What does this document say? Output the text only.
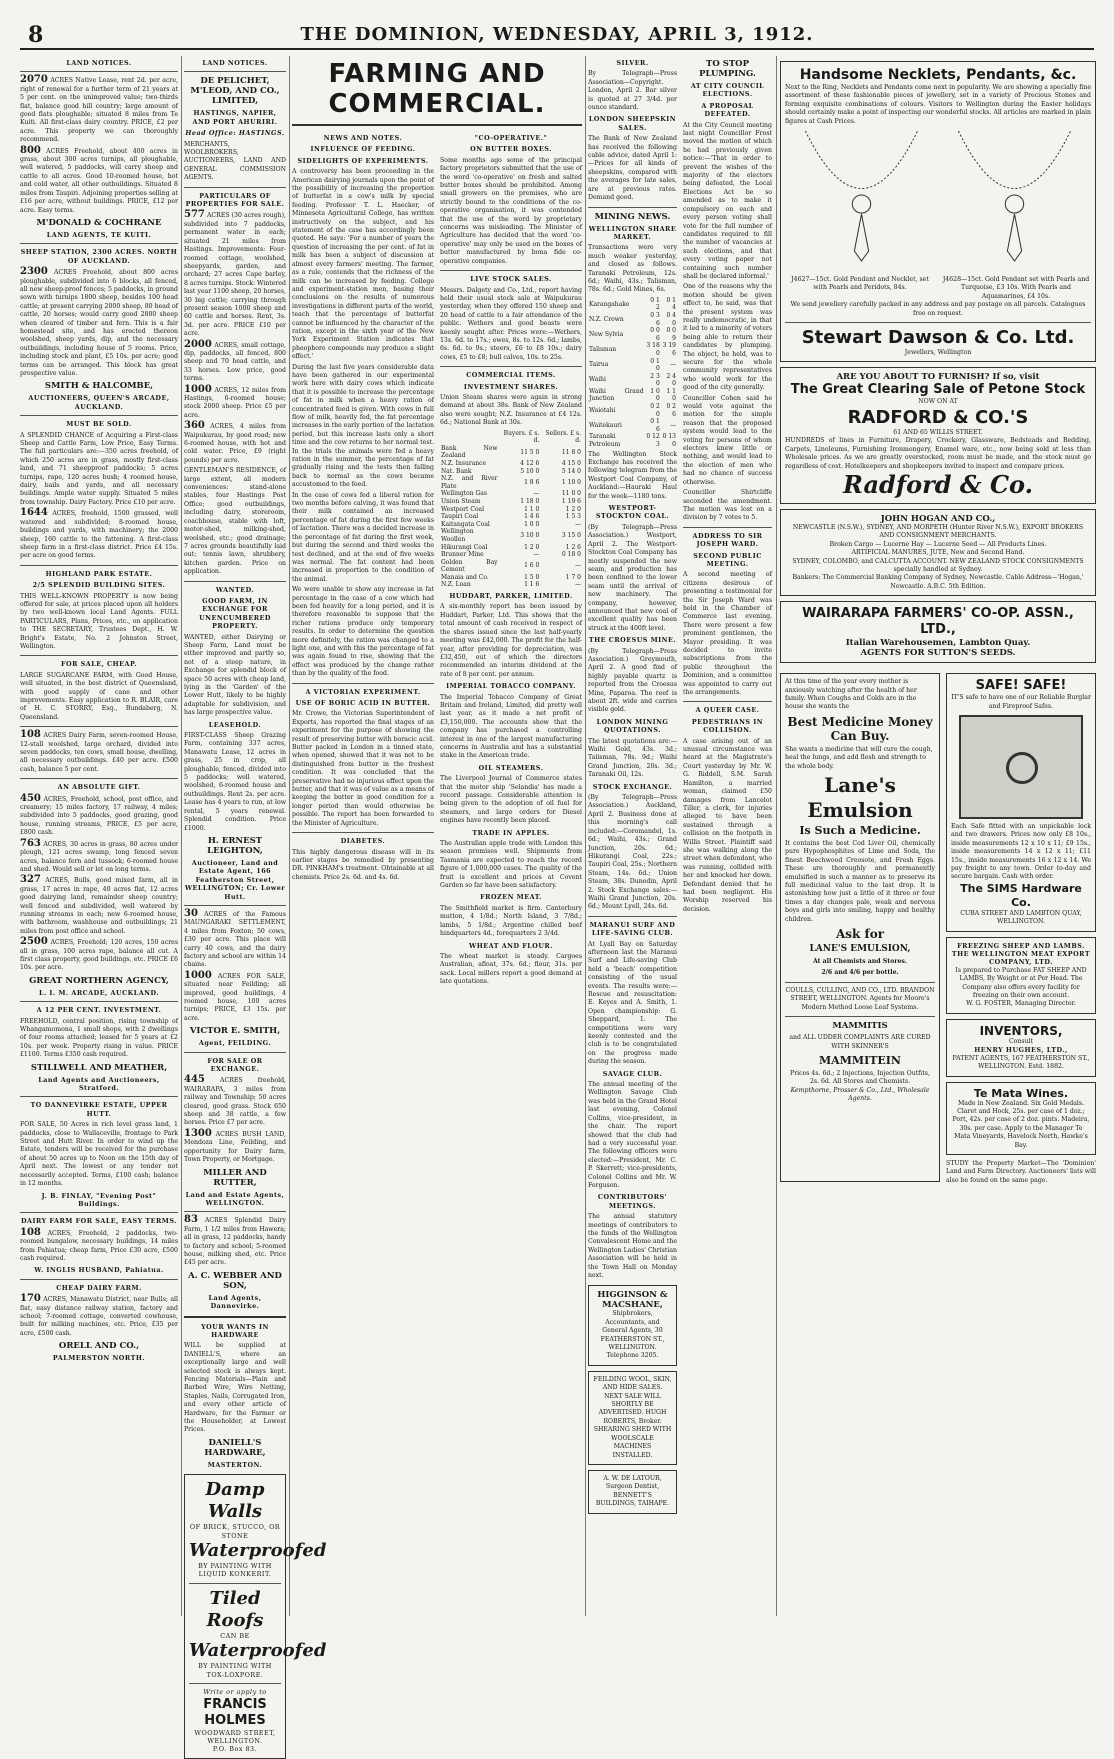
8	THE DOMINION, WEDNESDAY, APRIL 3, 1912.
LAND NOTICES.
2070 ACRES Native Lease, rent 2d. per acre, right of renewal for a further term of 21 years at 5 per cent. on the unimproved value; two-thirds flat, balance good hill country; large amount of good flats ploughable; situated 8 miles from Te Kuiti. All first-class dairy country. PRICE, £2 per acre. This property we can thoroughly recommend.
800 ACRES Freehold, about 400 acres in grass, about 300 acres turnips, all ploughable, well watered, 5 paddocks, will carry sheep and cattle to all acres. Good 10-roomed house, hot and cold water, all other outbuildings. Situated 8 miles from Taupiri. Adjoining properties selling at £16 per acre, without buildings. PRICE, £12 per acre. Easy terms.
M'DONALD & COCHRANE
LAND AGENTS, TE KUITI.
SHEEP STATION, 2300 ACRES. NORTH OF AUCKLAND.
2300 ACRES Freehold, about 800 acres ploughable, subdivided into 6 blocks, all fenced, all new sheep-proof fences; 5 paddocks, in ground sown with turnips 1800 sheep, besides 100 head cattle; at present carrying 2000 sheep, 80 head of cattle, 20 horses; would carry good 2800 sheep when cleared of timber and fern. This is a fair homestead site, and has erected thereon woolshed, sheep yards, dip, and the necessary outbuildings, including house of 5 rooms. Price, including stock and plant, £5 10s. per acre; good terms can be arranged. This block has great prospective value.
SMITH & HALCOMBE,
AUCTIONEERS, QUEEN'S ARCADE, AUCKLAND.
MUST BE SOLD.
A SPLENDID CHANCE of Acquiring a First-class Sheep and Cattle Farm, Low Price, Easy Terms. The full particulars are:—350 acres freehold, of which 250 acres are in grass, mostly first-class land, and 71 sheepproof paddocks; 5 acres turnips, rape, 120 acres bush; 4 roomed house, dairy, bails and yards, and all necessary buildings. Ample water supply. Situated 5 miles from township. Dairy Factory. Price £10 per acre.
1644 ACRES, freehold, 1500 grassed, well watered and subdivided; 8-roomed house, buildings and yards, with machinery; the 2000 sheep, 160 cattle to the fattening. A first-class sheep farm in a first-class district. Price £4 15s. per acre on good terms.
HIGHLAND PARK ESTATE.
2/5 SPLENDID BUILDING SITES.
THIS WELL-KNOWN PROPERTY is now being offered for sale, at prices placed upon all holders by two well-known local Land Agents. FULL PARTICULARS, Plans, Prices, etc., on application to THE SECRETARY, Trustees Dept., H. W. Bright's Estate, No. 2 Johnston Street, Wellington.
FOR SALE, CHEAP.
LARGE SUGARCANE FARM, with Good House, well situated, in the best district of Queensland, with good supply of cane and other improvements. Easy application to R. BLAIR, care of H. C. STORRY, Esq., Bundaberg, N. Queensland.
108 ACRES Dairy Farm, seven-roomed House, 12-stall woolshed, large orchard, divided into seven paddocks, ten cows, small house, dwelling, all necessary outbuildings. £40 per acre. £500 cash, balance 5 per cent.
AN ABSOLUTE GIFT.
450 ACRES, Freehold, school, post office, and creamery; 15 miles factory, 17 railway, 4 miles; subdivided into 5 paddocks, good grazing, good house, running streams, PRICE, £5 per acre, £800 cash.
763 ACRES, 30 acres in grass, 80 acres under plough, 121 acres swamp, long fenced seven acres, balance fern and tussock; 6-roomed house and shed. Would sell or let on long terms.
327 ACRES, Bulls, good mixed farm, all in grass, 17 acres in rape, 40 acres flat, 12 acres good dairying land, remainder sheep country; well fenced and subdivided, well watered by running streams in each; new 6-roomed house, with bathroom, washhouse and outbuildings; 21 miles from post office and school.
2500 ACRES, Freehold; 120 acres, 150 acres all in grass, 100 acres rape, balance all cut. A first class property, good buildings, etc. PRICE £6 10s. per acre.
GREAT NORTHERN AGENCY,
L. I. M. ARCADE, AUCKLAND.
A 12 PER CENT. INVESTMENT.
FREEHOLD, central position, rising township of Whangamomona, 1 small shops, with 2 dwellings of four rooms attached; leased for 5 years at £2 10s. per week. Property rising in value. PRICE £1100. Terms £350 cash required.
STILLWELL AND MEATHER,
Land Agents and Auctioneers, Stratford.
TO DANNEVIRKE ESTATE, UPPER HUTT.
FOR SALE, 50 Acres in rich level grass land, 1 paddocks, close to Wallaceville, frontage to Park Street and Hutt River. In order to wind up the Estate, tenders will be received for the purchase of about 50 acres up to Noon on the 15th day of April next. The lowest or any tender not necessarily accepted. Terms, £100 cash; balance in 12 months.
J. B. FINLAY, "Evening Post" Buildings.
DAIRY FARM FOR SALE, EASY TERMS.
108 ACRES, Freehold, 2 paddocks, two-roomed bungalow, necessary buildings, 14 miles from Pahiatua; cheap farm, Price £30 acre, £500 cash required.
W. INGLIS HUSBAND, Pahiatua.
CHEAP DAIRY FARM.
170 ACRES, Manawatu District, near Bulls; all flat, easy distance railway station, factory and school; 7-roomed cottage, converted cowhouse, built for milking machines, etc. Price, £35 per acre, £500 cash.
ORELL AND CO.,
PALMERSTON NORTH.
LAND NOTICES.
DE PELICHET, M'LEOD, AND CO., LIMITED,
HASTINGS, NAPIER, AND PORT AHURIRI.
Head Office: HASTINGS.
MERCHANTS, WOOLBROKERS, AUCTIONEERS, LAND AND GENERAL COMMISSION AGENTS.
PARTICULARS OF PROPERTIES FOR SALE.
577 ACRES (30 acres rough), subdivided into 7 paddocks, permanent water in each; situated 21 miles from Hastings. Improvements: Four-roomed cottage, woolshed, sheepyards, garden, and orchard; 27 acres Cape barley, 8 acres turnips. Stock: Wintered last year 1100 sheep, 20 horses, 30 big cattle; carrying through present season 1000 sheep and 60 cattle and horses. Rent, 3s. 3d. per acre. PRICE £10 per acre.
2000 ACRES, small cottage, dip, paddocks, all fenced, 800 sheep and 70 head cattle, and 33 horses. Low price, good terms.
1000 ACRES, 12 miles from Hastings, 6-roomed house; stock 2000 sheep. Price £5 per acre.
360 ACRES, 4 miles from Waipukurau, by good road; new 6-roomed house, with hot and cold water. Price, £9 (right pounds) per acre.
GENTLEMAN'S RESIDENCE, of large extent, all modern conveniences: stand-alone stables, four Hastings Post Office; good outbuildings, including dairy, storeroom, coachhouse, stable with loft, motor-shed, milking-shed, woolshed, etc.; good drainage; 7 acres grounds beautifully laid out; tennis lawn, shrubbery, kitchen garden. Price on application.
WANTED.
GOOD FARM, IN EXCHANGE FOR UNENCUMBERED PROPERTY.
WANTED, either Dairying or Sheep Farm, Land must be either improved and partly so, not of a steep nature, in Exchange for splendid block of space 50 acres with cheap land, lying in the 'Garden' of the Lower Hutt, likely to be highly adaptable for subdivision, and has large prospective value.
LEASEHOLD.
FIRST-CLASS Sheep Grazing Farm, containing 337 acres, Manawatu Lease, 12 acres in grass, 25 in crop, all ploughable, fenced, divided into 5 paddocks; well watered, woolshed, 6-roomed house and outbuildings. Rent 2s. per acre. Lease has 4 years to run, at low rental, 5 years renewal. Splendid condition. Price £1000.
H. ERNEST LEIGHTON,
Auctioneer, Land and Estate Agent, 166 Featherston Street, WELLINGTON; Cr. Lower Hutt.
30 ACRES of the Famous MAUNGARAKI SETTLEMENT, 4 miles from Foxton; 50 cows, £30 per acre. This place will carry 40 cows, and the dairy factory and school are within 14 chains.
1000 ACRES FOR SALE, situated near Feilding; all improved, good buildings, 4 roomed house, 100 acres turnips; PRICE, £3 15s. per acre.
VICTOR E. SMITH,
Agent, FEILDING.
FOR SALE OR EXCHANGE.
445 ACRES freehold, WAIRARAPA, 3 miles from railway and Township; 50 acres cleared, good grass. Stock 650 sheep and 38 cattle, a few horses. Price £7 per acre.
1300 ACRES BUSH LAND, Mendoza Line, Feilding, and opportunity for Dairy farm, Town Property, or Mortgage.
MILLER AND RUTTER,
Land and Estate Agents, WELLINGTON.
83 ACRES Splendid Dairy Farm, 1 1/2 miles from Hawera; all in grass, 12 paddocks, handy to factory and school; 5-roomed house, milking shed, etc. Price £45 per acre.
A. C. WEBBER AND SON,
Land Agents, Dannevirke.
YOUR WANTS IN HARDWARE
WILL be supplied at DANIELL'S, where an exceptionally large and well selected stock is always kept. Fencing Materials—Plain and Barbed Wire, Wire Netting, Staples, Nails, Corrugated Iron, and every other article of Hardware, for the Farmer or the Householder, at Lowest Prices.
DANIELL'S HARDWARE,
MASTERTON.
Damp Walls
OF BRICK, STUCCO, OR STONE
Waterproofed
BY PAINTING WITH LIQUID KONKERIT.
Tiled Roofs
CAN BE
Waterproofed
BY PAINTING WITH TOX-LOXPORE.
Write or apply to
FRANCIS HOLMES
WOODWARD STREET, WELLINGTON.
P.O. Box 83.
FARMING AND COMMERCIAL.
NEWS AND NOTES.
INFLUENCE OF FEEDING.
SIDELIGHTS OF EXPERIMENTS.
A controversy has been proceeding in the American dairying journals upon the point of the possibility of increasing the proportion of butterfat in a cow's milk by special feeding. Professor T. L. Haecker, of Minnesota Agricultural College, has written instructively on the subject, and his statement of the case has accordingly been quoted. He says: 'For a number of years the question of increasing the per cent. of fat in milk has been a subject of discussion at almost every farmers' meeting. The farmer, as a rule, contends that the richness of the milk can be increased by feeding. College and experiment-station men, basing their conclusions on the results of numerous investigations in different parts of the world, teach that the percentage of butterfat cannot be influenced by the character of the ration, except in the sixth year of the New York Experiment Station indicates that pheophore compounds may produce a slight effect.'
During the last five years considerable data have been gathered in our experimental work here with dairy cows which indicate that it is possible to increase the percentage of fat in milk when a heavy ration of concentrated feed is given. With cows in full flow of milk, heavily fed, the fat percentage increases in the early portion of the lactation period, but this increase lasts only a short time and the cow returns to her normal test. In the trials the animals were fed a heavy ration in the summer, the percentage of fat gradually rising and the tests then falling back to normal as the cows became accustomed to the feed.
In the case of cows fed a liberal ration for two months before calving, it was found that their milk contained an increased percentage of fat during the first few weeks of lactation. There was a decided increase in the percentage of fat during the first week, but during the second and third weeks the test declined, and at the end of five weeks was normal. The fat content had been increased in proportion to the condition of the animal.
We were unable to show any increase in fat percentage in the case of a cow which had been fed heavily for a long period, and it is therefore reasonable to suppose that the richer rations produce only temporary results. In order to determine the question more definitely, the ration was changed to a light one, and with this the percentage of fat was again found to rise, showing that the effect was produced by the change rather than by the quality of the food.
A VICTORIAN EXPERIMENT.
USE OF BORIC ACID IN BUTTER.
Mr. Crowe, the Victorian Superintendent of Exports, has reported the final stages of an experiment for the purpose of showing the result of preserving butter with boracic acid. Butter packed in London in a tinned state, when opened, showed that it was not to be distinguished from butter in the freshest condition. It was concluded that the preservative had no injurious effect upon the butter, and that it was of value as a means of keeping the butter in good condition for a longer period than would otherwise be possible. The report has been forwarded to the Minister of Agriculture.
DIABETES.
This highly dangerous disease will in its earlier stages be remedied by presenting DR. PINKHAM's treatment. Obtainable at all chemists. Price 2s. 6d. and 4s. 6d.
"CO-OPERATIVE."
ON BUTTER BOXES.
Some months ago some of the principal factory proprietors submitted that the use of the word 'co-operative' on fresh and salted butter boxes should be prohibited. Among small growers on the premises, who are strictly bound to the conditions of the co-operative organisation, it was contended that the use of the word by proprietary concerns was misleading. The Minister of Agriculture has decided that the word 'co-operative' may only be used on the boxes of butter manufactured by bona fide co-operative companies.
LIVE STOCK SALES.
Messrs. Dalgety and Co., Ltd., report having held their usual stock sale at Waipukurau yesterday, when they offered 150 sheep and 20 head of cattle to a fair attendance of the public. Wethers and good beasts were keenly sought after. Prices were:—Wethers, 13s. 6d. to 17s.; ewes, 8s. to 12s. 6d.; lambs, 6s. 6d. to 9s.; steers, £6 to £8 10s.; dairy cows, £5 to £8; bull calves, 10s. to 25s.
COMMERCIAL ITEMS.
INVESTMENT SHARES.
Union Steam shares were again in strong demand at about 38s. Bank of New Zealand also were sought; N.Z. Insurance at £4 12s. 6d.; National Bank at 30s.
	Buyers. £ s. d.	Sellers. £ s. d.
Bank New Zealand	11 5 0	11 8 0
N.Z. Insurance	4 12 6	4 15 0
Nat. Bank	5 10 0	5 14 0
N.Z. and River Plate	1 8 6	1 10 0
Wellington Gas	—	11 0 0
Union Steam	1 18 0	1 19 6
Westport Coal	1 1 0	1 2 0
Taupiri Coal	1 4 6	1 5 3
Kaitangata Coal	1 0 0	—
Wellington Woollen	3 10 0	3 15 0
Hikurangi Coal	1 2 0	1 2 6
Brunner Mine	—	0 18 0
Golden Bay Cement	1 6 0	—
Manaia and Co.	1 5 0	1 7 0
N.Z. Loan	1 1 6	—
HUDDART, PARKER, LIMITED.
A six-monthly report has been issued by Huddart, Parker, Ltd. This shows that the total amount of cash received in respect of the shares issued since the last half-yearly meeting was £42,000. The profit for the half-year, after providing for depreciation, was £32,450, out of which the directors recommended an interim dividend at the rate of 8 per cent. per annum.
IMPERIAL TOBACCO COMPANY.
The Imperial Tobacco Company of Great Britain and Ireland, Limited, did pretty well last year, as it made a net profit of £3,150,000. The accounts show that the company has purchased a controlling interest in one of the largest manufacturing concerns in Australia and has a substantial stake in the American trade.
OIL STEAMERS.
The Liverpool Journal of Commerce states that the motor ship 'Selandia' has made a record passage. Considerable attention is being given to the adoption of oil fuel for steamers, and large orders for Diesel engines have recently been placed.
TRADE IN APPLES.
The Australian apple trade with London this season promises well. Shipments from Tasmania are expected to reach the record figure of 1,000,000 cases. The quality of the fruit is excellent and prices at Covent Garden so far have been satisfactory.
FROZEN MEAT.
The Smithfield market is firm. Canterbury mutton, 4 1/8d.; North Island, 3 7/8d.; lambs, 5 1/8d.; Argentine chilled beef hindquarters 4d., forequarters 2 3/4d.
WHEAT AND FLOUR.
The wheat market is steady. Cargoes Australian, afloat, 37s. 6d.; flour, 31s. per sack. Local millers report a good demand at late quotations.
SILVER.
By Telegraph—Press Association—Copyright. London, April 2. Bar silver is quoted at 27 3/4d. per ounce standard.
LONDON SHEEPSKIN SALES.
The Bank of New Zealand has received the following cable advice, dated April 1:—Prices for all kinds of sheepskins, compared with the averages for late sales, are at previous rates. Demand good.
MINING NEWS.
WELLINGTON SHARE MARKET.
Transactions were very much weaker yesterday, and closed as follows. Taranaki Petroleum, 12s. 6d.; Waihi, 43s.; Talisman, 78s. 6d.; Gold Mines, 6s.
Karangahake	0 1 2	0 1 4
N.Z. Crown	0 3 6	0 4 0
New Sylvia	0 0 6	0 0 9
Talisman	3 18 0	3 19 6
Tairua	0 1 0	—
Waihi	2 3 0	2 4 0
Waihi Grand Junction	1 0 0	1 1 0
Waiotahi	0 2 0	0 2 6
Waitekauri	0 1 6	—
Taranaki Petroleum	0 12 3	0 13 0
The Wellington Stock Exchange has received the following telegram from the Westport Coal Company, of Auckland:—Hauraki Haul for the week—1180 tons.
WESTPORT-STOCKTON COAL.
(By Telegraph—Press Association.) Westport, April 2. The Westport-Stockton Coal Company has mostly suspended the new seam, and production has been confined to the lower seam until the arrival of new machinery. The company, however, announced that new coal of excellent quality has been struck at the 400ft level.
THE CROESUS MINE.
(By Telegraph—Press Association.) Greymouth, April 2. A good find of highly payable quartz is reported from the Croesus Mine, Paparoa. The reef is about 2ft. wide and carries visible gold.
LONDON MINING QUOTATIONS.
The latest quotations are:—Waihi Gold, 43s. 3d.; Talisman, 78s. 9d.; Waihi Grand Junction, 20s. 3d.; Taranaki Oil, 12s.
STOCK EXCHANGE.
(By Telegraph—Press Association.) Auckland, April 2. Business done at this morning's call included:—Coromandel, 1s. 6d.; Waihi, 43s.; Grand Junction, 20s. 6d.; Hikurangi Coal, 22s.; Taupiri Coal, 25s.; Northern Steam, 14s. 6d.; Union Steam, 38s. Dunedin, April 2. Stock Exchange sales:—Waihi Grand Junction, 20s. 6d.; Mount Lyell, 24s. 6d.
MARANUI SURF AND LIFE-SAVING CLUB.
At Lyall Bay on Saturday afternoon last the Maranui Surf and Life-saving Club held a 'beach' competition consisting of the usual events. The results were:—Rescue and resuscitation: E. Keyes and A. Smith, 1. Open championship: G. Sheppard, 1. The competitions were very keenly contested and the club is to be congratulated on the progress made during the season.
SAVAGE CLUB.
The annual meeting of the Wellington Savage Club was held in the Grand Hotel last evening, Colonel Collins, vice-president, in the chair. The report showed that the club had had a very successful year. The following officers were elected:—President, Mr. C. P. Skerrett; vice-presidents, Colonel Collins and Mr. W. Ferguson.
CONTRIBUTORS' MEETINGS.
The annual statutory meetings of contributors to the funds of the Wellington Convalescent Home and the Wellington Ladies' Christian Association will be held in the Town Hall on Monday next.
HIGGINSON & MACSHANE,
Shipbrokers, Accountants, and General Agents, 30 FEATHERSTON ST., WELLINGTON. Telephone 3205.
FEILDING WOOL, SKIN, AND HIDE SALES. NEXT SALE WILL SHORTLY BE ADVERTISED. HUGH ROBERTS, Broker. SHEARING SHED WITH WOOLSCALE MACHINES INSTALLED.
A. W. DE LATOUR, Surgeon Dentist, BENNETT'S BUILDINGS, TAIHAPE.
TO STOP PLUMPING.
AT CITY COUNCIL ELECTIONS.
A PROPOSAL DEFEATED.
At the City Council meeting last night Councillor Frost moved the motion of which he had previously given notice:—'That in order to prevent the wishes of the majority of the electors being defeated, the Local Elections Act be so amended as to make it compulsory on each and every person voting shall vote for the full number of candidates required to fill the number of vacancies at such elections, and that every voting paper not containing such number shall be declared informal.'
One of the reasons why the motion should be given effect to, he said, was that the present system was really undemocratic, in that it led to a minority of voters being able to return their candidates by plumping. The object, he held, was to secure for the whole community representatives who would work for the good of the city generally.
Councillor Cohen said he would vote against the motion for the simple reason that the proposed system would lead to the voting for persons of whom electors knew little or nothing, and would lead to the election of men who had no chance of success otherwise.
Councillor Shirtcliffe seconded the amendment. The motion was lost on a division by 7 votes to 5.
ADDRESS TO SIR JOSEPH WARD.
SECOND PUBLIC MEETING.
A second meeting of citizens desirous of presenting a testimonial for the Sir Joseph Ward was held in the Chamber of Commerce last evening. There were present a few prominent gentlemen, the Mayor presiding. It was decided to invite subscriptions from the public throughout the Dominion, and a committee was appointed to carry out the arrangements.
A QUEER CASE.
PEDESTRIANS IN COLLISION.
A case arising out of an unusual circumstance was heard at the Magistrate's Court yesterday by Mr. W. G. Riddell, S.M. Sarah Hamilton, a married woman, claimed £50 damages from Lancelot Tiller, a clerk, for injuries alleged to have been sustained through a collision on the footpath in Willis Street. Plaintiff said she was walking along the street when defendant, who was running, collided with her and knocked her down. Defendant denied that he had been negligent. His Worship reserved his decision.
Handsome Necklets, Pendants, &c.
Next to the Ring, Necklets and Pendants come next in popularity. We are showing a specially fine assortment of these fashionable pieces of jewellery, set in a variety of Precious Stones and forming exquisite combinations of colours. Visitors to Wellington during the Easter holidays should certainly make a point of inspecting our wonderful stocks. All articles are marked in plain figures at Cash Prices.
J4627—15ct. Gold Pendant and Necklet, set with Pearls and Peridots, 84s.
J4628—15ct. Gold Pendant set with Pearls and Turquoise, £3 10s. With Pearls and Aquamarines, £4 10s.
We send jewellery carefully packed in any address and pay postage on all parcels. Catalogues free on request.
Stewart Dawson & Co. Ltd.
Jewellers, Wellington
ARE YOU ABOUT TO FURNISH? If so, visit
The Great Clearing Sale of Petone Stock
NOW ON AT
RADFORD & CO.'S
61 AND 65 WILLIS STREET.
HUNDREDS of lines in Furniture, Drapery, Crockery, Glassware, Bedsteads and Bedding, Carpets, Linoleums, Furnishing Ironmongery, Enamel ware, etc., now being sold at less than Wholesale prices. As we are greatly overstocked, room must be made, and the stock must go regardless of cost. Hotelkeepers and shopkeepers invited to inspect and compare prices.
Radford & Co.
JOHN HOGAN AND CO.,
NEWCASTLE (N.S.W.), SYDNEY, AND MORPETH (Hunter River N.S.W.), EXPORT BROKERS AND CONSIGNMENT MERCHANTS.
Broken Cargo — Lucerne Hay — Lucerne Seed — All Products Lines.
ARTIFICIAL MANURES, JUTE, New and Second Hand.
SYDNEY, COLOMBO, and CALCUTTA ACCOUNT. NEW ZEALAND STOCK CONSIGNMENTS specially handled at Sydney.
Bankers: The Commercial Banking Company of Sydney, Newcastle. Cable Address—'Hogan,' Newcastle. A.B.C. 5th Edition.
WAIRARAPA FARMERS' CO-OP. ASSN., LTD.,
Italian Warehousemen, Lambton Quay.
AGENTS FOR SUTTON'S SEEDS.
At this time of the year every mother is anxiously watching after the health of her family. When Coughs and Colds are in the house she wants the
Best Medicine Money Can Buy.
She wants a medicine that will cure the cough, heal the lungs, and add flesh and strength to the whole body.
Lane's
Emulsion
Is Such a Medicine.
It contains the best Cod Liver Oil, chemically pure Hypophosphites of Lime and Soda, the finest Beechwood Creosote, and Fresh Eggs. These are thoroughly and permanently emulsified in such a manner as to preserve its full medicinal value to the last drop. It is astonishing how just a little of it three or four times a day changes pale, weak and nervous boys and girls into smiling, happy and healthy children.
Ask for
LANE'S EMULSION,
At all Chemists and Stores.
2/6 and 4/6 per bottle.
COULLS, CULLING, AND CO., LTD. BRANDON STREET, WELLINGTON. Agents for Moore's Modern Method Loose Leaf Systems.
MAMMITIS
and ALL UDDER COMPLAINTS ARE CURED WITH SKINNER'S
MAMMITEIN
Prices 4s. 6d.; 2 Injections, Injection Outfits, 2s. 6d. All Stores and Chemists.
Kempthorne, Prosser & Co., Ltd., Wholesale Agents.
SAFE! SAFE!
IT'S safe to have one of our Reliable Burglar and Fireproof Safes.
Each Safe fitted with an unpickable lock and two drawers. Prices now only £8 10s., inside measurements 12 x 10 x 11; £9 15s., inside measurements 14 x 12 x 11; £11 15s., inside measurements 16 x 12 x 14. We pay freight to any town. Order to-day and secure bargain. Cash with order.
The SIMS Hardware Co.
CUBA STREET AND LAMBTON QUAY, WELLINGTON.
FREEZING SHEEP AND LAMBS.
THE WELLINGTON MEAT EXPORT COMPANY, LTD.
Is prepared to Purchase FAT SHEEP AND LAMBS, By Weight or at Per Head. The Company also offers every facility for freezing on their own account.
W. G. FOSTER, Managing Director.
INVENTORS,
Consult
HENRY HUGHES, LTD.,
PATENT AGENTS, 167 FEATHERSTON ST., WELLINGTON. Estd. 1882.
Te Mata Wines.
Made in New Zealand. Six Gold Medals. Claret and Hock, 25s. per case of 1 doz.; Port, 42s. per case of 2 doz. pints. Madeira, 30s. per case. Apply to the Manager Te Mata Vineyards, Havelock North, Hawke's Bay.
STUDY the Property Market—The 'Dominion' Land and Farm Directory. Auctioneers' lists will also be found on the same page.
